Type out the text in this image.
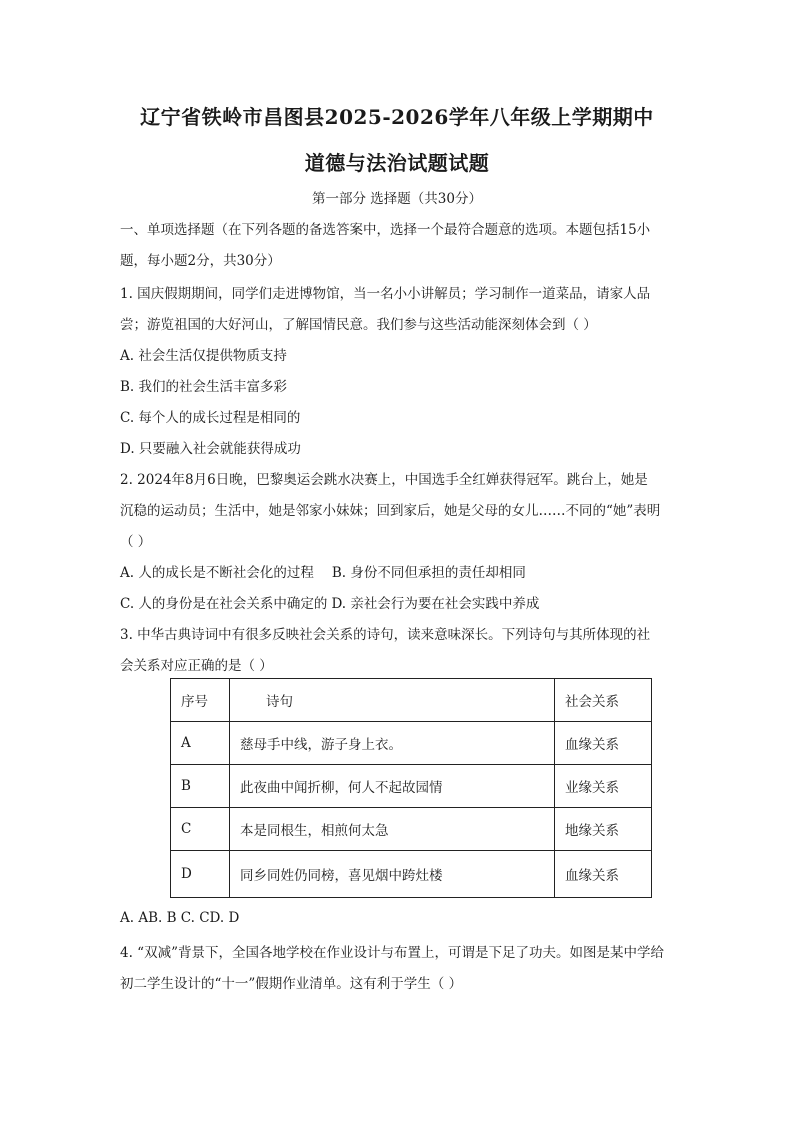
辽宁省铁岭市昌图县2025-2026学年八年级上学期期中
道德与法治试题试题
第一部分 选择题（共30分）
一、单项选择题（在下列各题的备选答案中，选择一个最符合题意的选项。本题包括15小
题，每小题2分，共30分）
1. 国庆假期期间，同学们走进博物馆，当一名小小讲解员；学习制作一道菜品，请家人品
尝；游览祖国的大好河山，了解国情民意。我们参与这些活动能深刻体会到（ ）
A. 社会生活仅提供物质支持
B. 我们的社会生活丰富多彩
C. 每个人的成长过程是相同的
D. 只要融入社会就能获得成功
2. 2024年8月6日晚，巴黎奥运会跳水决赛上，中国选手全红婵获得冠军。跳台上，她是
沉稳的运动员；生活中，她是邻家小妹妹；回到家后，她是父母的女儿……不同的“她”表明
（ ）
A. 人的成长是不断社会化的过程 B. 身份不同但承担的责任却相同
C. 人的身份是在社会关系中确定的 D. 亲社会行为要在社会实践中养成
3. 中华古典诗词中有很多反映社会关系的诗句，读来意味深长。下列诗句与其所体现的社
会关系对应正确的是（ ）
序号	诗句	社会关系
A	慈母手中线，游子身上衣。	血缘关系
B	此夜曲中闻折柳，何人不起故园情	业缘关系
C	本是同根生，相煎何太急	地缘关系
D	同乡同姓仍同榜，喜见烟中跨灶楼	血缘关系
A. AB. B C. CD. D
4. “双减”背景下，全国各地学校在作业设计与布置上，可谓是下足了功夫。如图是某中学给
初二学生设计的“十一”假期作业清单。这有利于学生（ ）
